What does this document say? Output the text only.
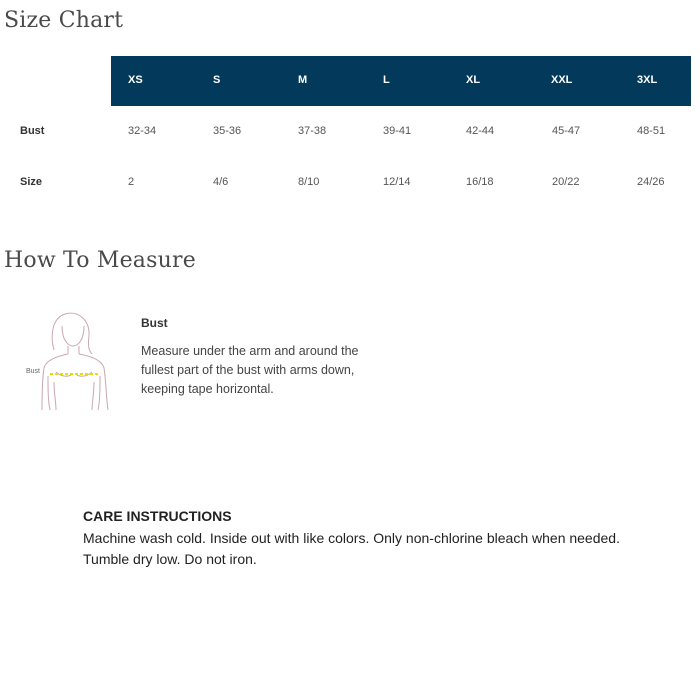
Size Chart
XS	S	M	L	XL	XXL	3XL
Bust	32-34	35-36	37-38	39-41	42-44	45-47	48-51
Size	2	4/6	8/10	12/14	16/18	20/22	24/26
How To Measure
Bust
Bust
Measure under the arm and around the fullest part of the bust with arms down, keeping tape horizontal.
CARE INSTRUCTIONS
Machine wash cold. Inside out with like colors. Only non-chlorine bleach when needed. Tumble dry low. Do not iron.
